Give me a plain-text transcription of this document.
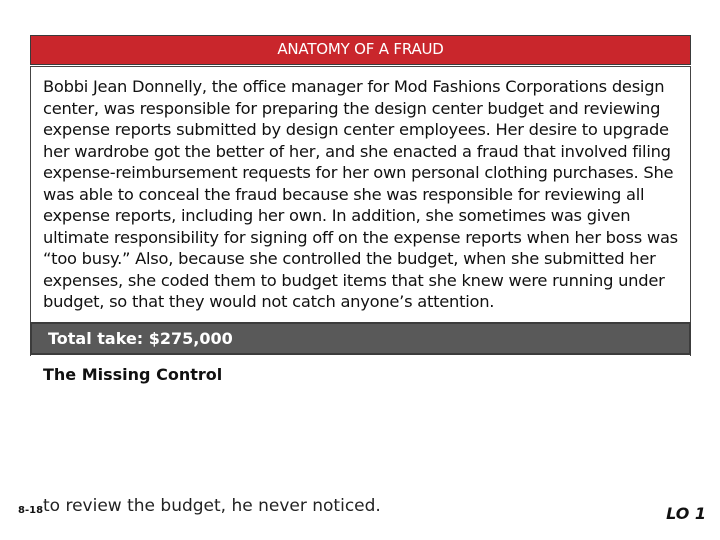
ANATOMY OF A FRAUD

Bobbi Jean Donnelly, the office manager for Mod Fashions Corporations design center, was responsible for preparing the design center budget and reviewing expense reports submitted by design center employees. Her desire to upgrade her wardrobe got the better of her, and she enacted a fraud that involved filing expense-reimbursement requests for her own personal clothing purchases. She was able to conceal the fraud because she was responsible for reviewing all expense reports, including her own. In addition, she sometimes was given ultimate responsibility for signing off on the expense reports when her boss was “too busy.” Also, because she controlled the budget, when she submitted her expenses, she coded them to budget items that she knew were running under budget, so that they would not catch anyone’s attention.

Total take: $275,000
The Missing Control
to review the budget, he never noticed.
8-18	LO 1
